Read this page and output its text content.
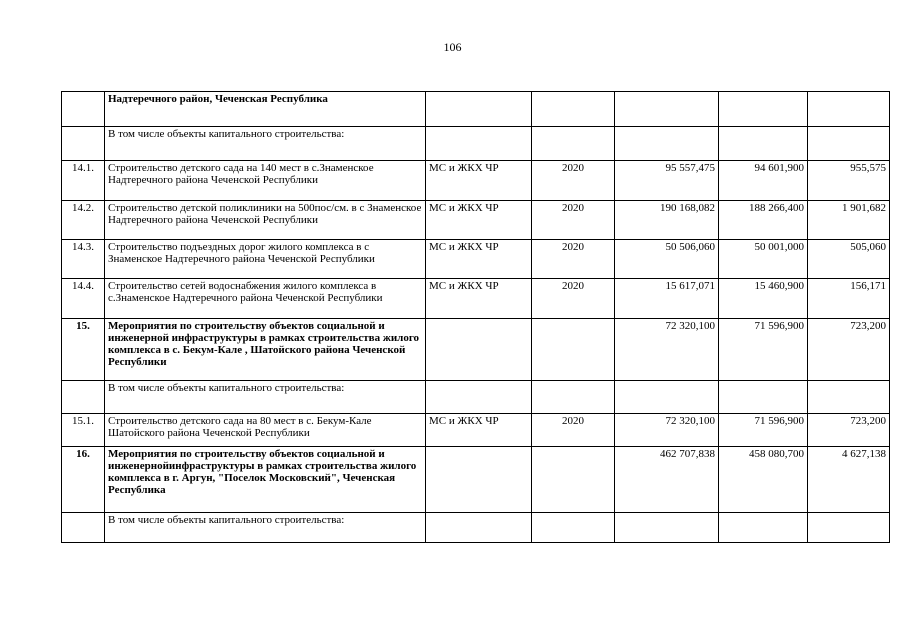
106
	Надтеречного район, Чеченская Республика					
	В том числе объекты капитального строительства:					
14.1.	Строительство детского сада на 140 мест в с.Знаменское Надтеречного района Чеченской Республики	МС и ЖКХ ЧР	2020	95 557,475	94 601,900	955,575
14.2.	Строительство детской поликлиники на 500пос/см. в с Знаменское Надтеречного района Чеченской Республики	МС и ЖКХ ЧР	2020	190 168,082	188 266,400	1 901,682
14.3.	Строительство подъездных дорог жилого комплекса в с Знаменское Надтеречного района Чеченской Республики	МС и ЖКХ ЧР	2020	50 506,060	50 001,000	505,060
14.4.	Строительство сетей водоснабжения жилого комплекса в с.Знаменское Надтеречного района Чеченской Республики	МС и ЖКХ ЧР	2020	15 617,071	15 460,900	156,171
15.	Мероприятия по строительству объектов социальной и инженерной инфраструктуры в рамках строительства жилого комплекса в с. Бекум-Кале , Шатойского района Чеченской Республики			72 320,100	71 596,900	723,200
	В том числе объекты капитального строительства:					
15.1.	Строительство детского сада на 80 мест в с. Бекум-Кале Шатойского района Чеченской Республики	МС и ЖКХ ЧР	2020	72 320,100	71 596,900	723,200
16.	Мероприятия по строительству объектов социальной и инженернойинфраструктуры в рамках строительства жилого комплекса в г. Аргун, "Поселок Московский", Чеченская Республика			462 707,838	458 080,700	4 627,138
	В том числе объекты капитального строительства:					
